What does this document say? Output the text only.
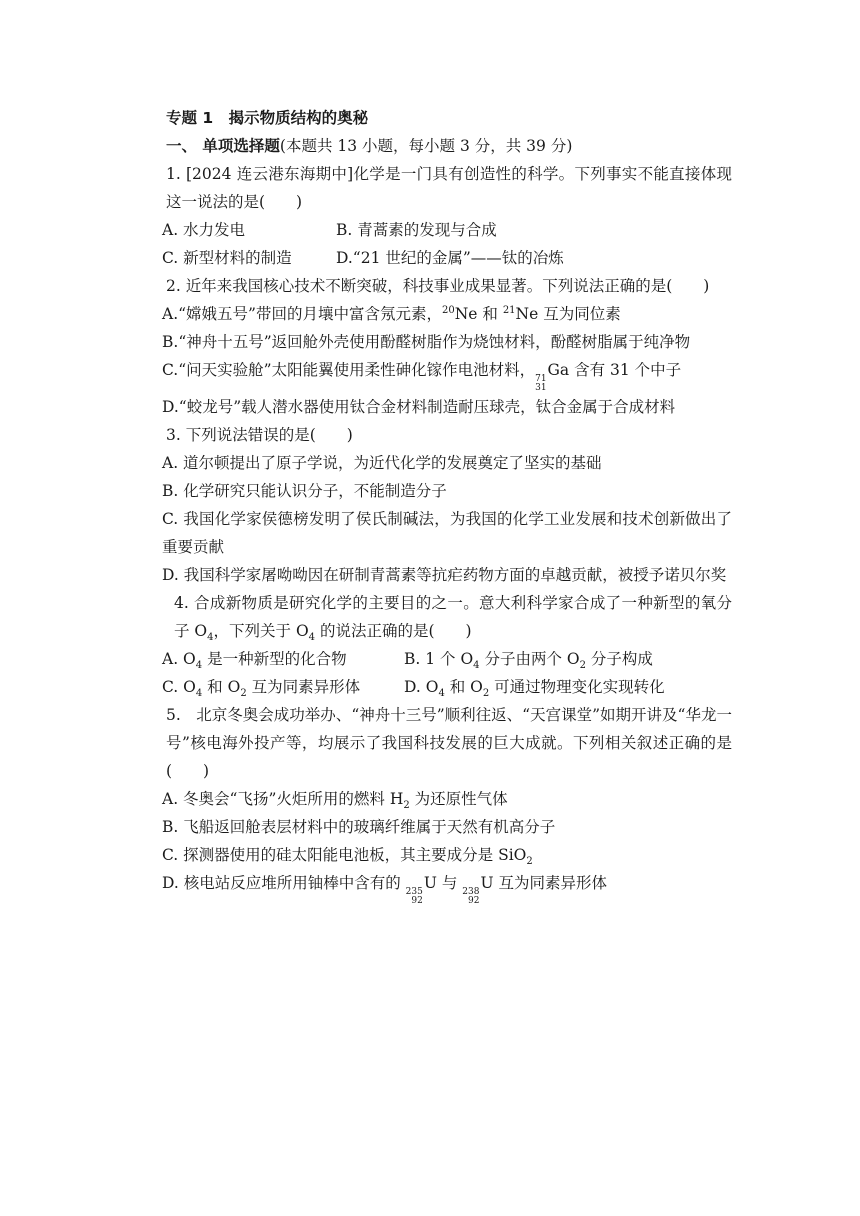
专题 1　揭示物质结构的奥秘
一、 单项选择题(本题共 13 小题，每小题 3 分，共 39 分)
1. [2024 连云港东海期中]化学是一门具有创造性的科学。下列事实不能直接体现这一说法的是(　　)
A. 水力发电	B. 青蒿素的发现与合成
C. 新型材料的制造	D.“21 世纪的金属”——钛的冶炼
2. 近年来我国核心技术不断突破，科技事业成果显著。下列说法正确的是(　　)
A.“嫦娥五号”带回的月壤中富含氖元素，$^{20}$Ne 和 $^{21}$Ne 互为同位素
B.“神舟十五号”返回舱外壳使用酚醛树脂作为烧蚀材料，酚醛树脂属于纯净物
C.“问天实验舱”太阳能翼使用柔性砷化镓作电池材料， 71
31
Ga 含有 31 个中子
D.“蛟龙号”载人潜水器使用钛合金材料制造耐压球壳，钛合金属于合成材料
3. 下列说法错误的是(　　)
A. 道尔顿提出了原子学说，为近代化学的发展奠定了坚实的基础
B. 化学研究只能认识分子，不能制造分子
C. 我国化学家侯德榜发明了侯氏制碱法，为我国的化学工业发展和技术创新做出了重要贡献
D. 我国科学家屠呦呦因在研制青蒿素等抗疟药物方面的卓越贡献，被授予诺贝尔奖
4. 合成新物质是研究化学的主要目的之一。意大利科学家合成了一种新型的氧分子 $O_4$，下列关于 $O_4$ 的说法正确的是(　　)
A. $O_4$ 是一种新型的化合物	B. 1 个 $O_4$ 分子由两个 $O_2$ 分子构成
C. $O_4$ 和 $O_2$ 互为同素异形体	D. $O_4$ 和 $O_2$ 可通过物理变化实现转化
5.　北京冬奥会成功举办、“神舟十三号”顺利往返、“天宫课堂”如期开讲及“华龙一号”核电海外投产等，均展示了我国科技发展的巨大成就。下列相关叙述正确的是(　　)
A. 冬奥会“飞扬”火炬所用的燃料 $H_2$ 为还原性气体
B. 飞船返回舱表层材料中的玻璃纤维属于天然有机高分子
C. 探测器使用的硅太阳能电池板，其主要成分是 SiO$_2$
D. 核电站反应堆所用铀棒中含有的 235
92
U 与 238
92
U 互为同素异形体
